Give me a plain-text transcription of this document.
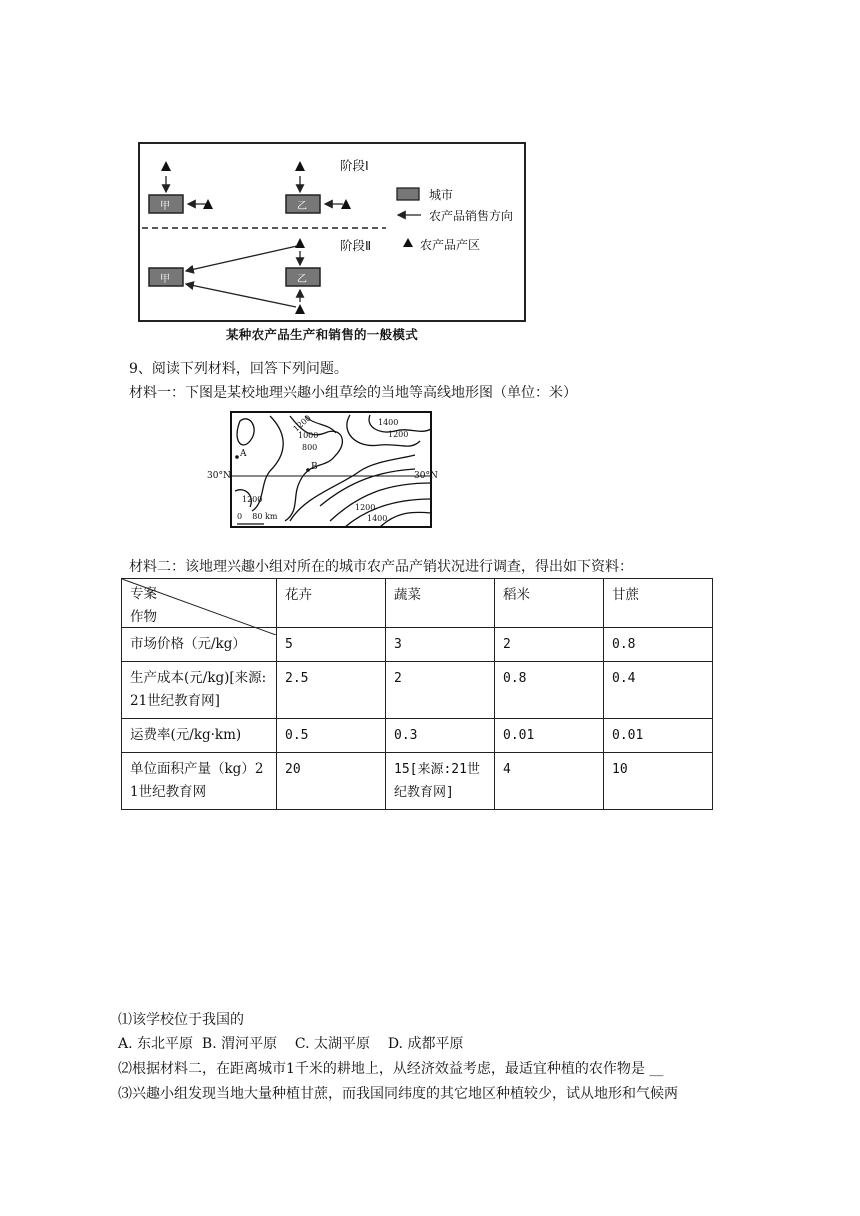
阶段Ⅰ
阶段Ⅱ
甲	乙
甲	乙
城市
农产品销售方向
农产品产区
某种农产品生产和销售的一般模式
9、阅读下列材料，回答下列问题。
材料一：下图是某校地理兴趣小组草绘的当地等高线地形图（单位：米）
A
B
1200
1000
800
1400
1200
1200
1200
1400
0    80 km
30°N	30°N
材料二：该地理兴趣小组对所在的城市农产品产销状况进行调查，得出如下资料：
专案
作物	花卉	蔬菜	稻米	甘蔗
市场价格（元/kg）	5	3	2	0.8
生产成本(元/kg)[来源:21世纪教育网]	2.5	2	0.8	0.4
运费率(元/kg·km)	0.5	0.3	0.01	0.01
单位面积产量（kg）21世纪教育网	20	15[来源:21世纪教育网]	4	10
⑴该学校位于我国的
A. 东北平原  B. 渭河平原    C. 太湖平原    D. 成都平原
⑵根据材料二，在距离城市1千米的耕地上，从经济效益考虑，最适宜种植的农作物是 __
⑶兴趣小组发现当地大量种植甘蔗，而我国同纬度的其它地区种植较少，试从地形和气候两
